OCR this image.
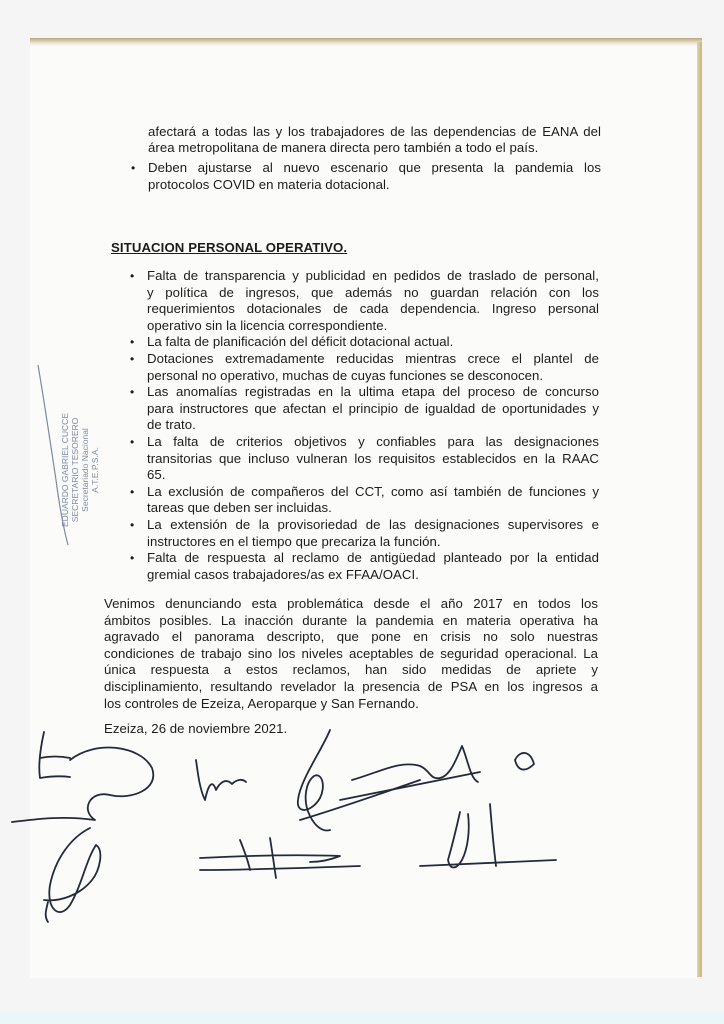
afectará a todas las y los trabajadores de las dependencias de EANA del
área metropolitana de manera directa pero también a todo el país.
• Deben ajustarse al nuevo escenario que presenta la pandemia los
protocolos COVID en materia dotacional.
SITUACION PERSONAL OPERATIVO.
• Falta de transparencia y publicidad en pedidos de traslado de personal,
y política de ingresos, que además no guardan relación con los
requerimientos dotacionales de cada dependencia. Ingreso personal
operativo sin la licencia correspondiente.
• La falta de planificación del déficit dotacional actual.
• Dotaciones extremadamente reducidas mientras crece el plantel de
personal no operativo, muchas de cuyas funciones se desconocen.
• Las anomalías registradas en la ultima etapa del proceso de concurso
para instructores que afectan el principio de igualdad de oportunidades y
de trato.
• La falta de criterios objetivos y confiables para las designaciones
transitorias que incluso vulneran los requisitos establecidos en la RAAC
65.
• La exclusión de compañeros del CCT, como así también de funciones y
tareas que deben ser incluidas.
• La extensión de la provisoriedad de las designaciones supervisores e
instructores en el tiempo que precariza la función.
• Falta de respuesta al reclamo de antigüedad planteado por la entidad
gremial casos trabajadores/as ex FFAA/OACI.
Venimos denunciando esta problemática desde el año 2017 en todos los
ámbitos posibles. La inacción durante la pandemia en materia operativa ha
agravado el panorama descripto, que pone en crisis no solo nuestras
condiciones de trabajo sino los niveles aceptables de seguridad operacional. La
única respuesta a estos reclamos, han sido medidas de apriete y
disciplinamiento, resultando revelador la presencia de PSA en los ingresos a
los controles de Ezeiza, Aeroparque y San Fernando.
Ezeiza, 26 de noviembre 2021.
EDUARDO GABRIEL CUCCE SECRETARIO TESORERO Secretariado Nacional A.T.E.P.S.A.
